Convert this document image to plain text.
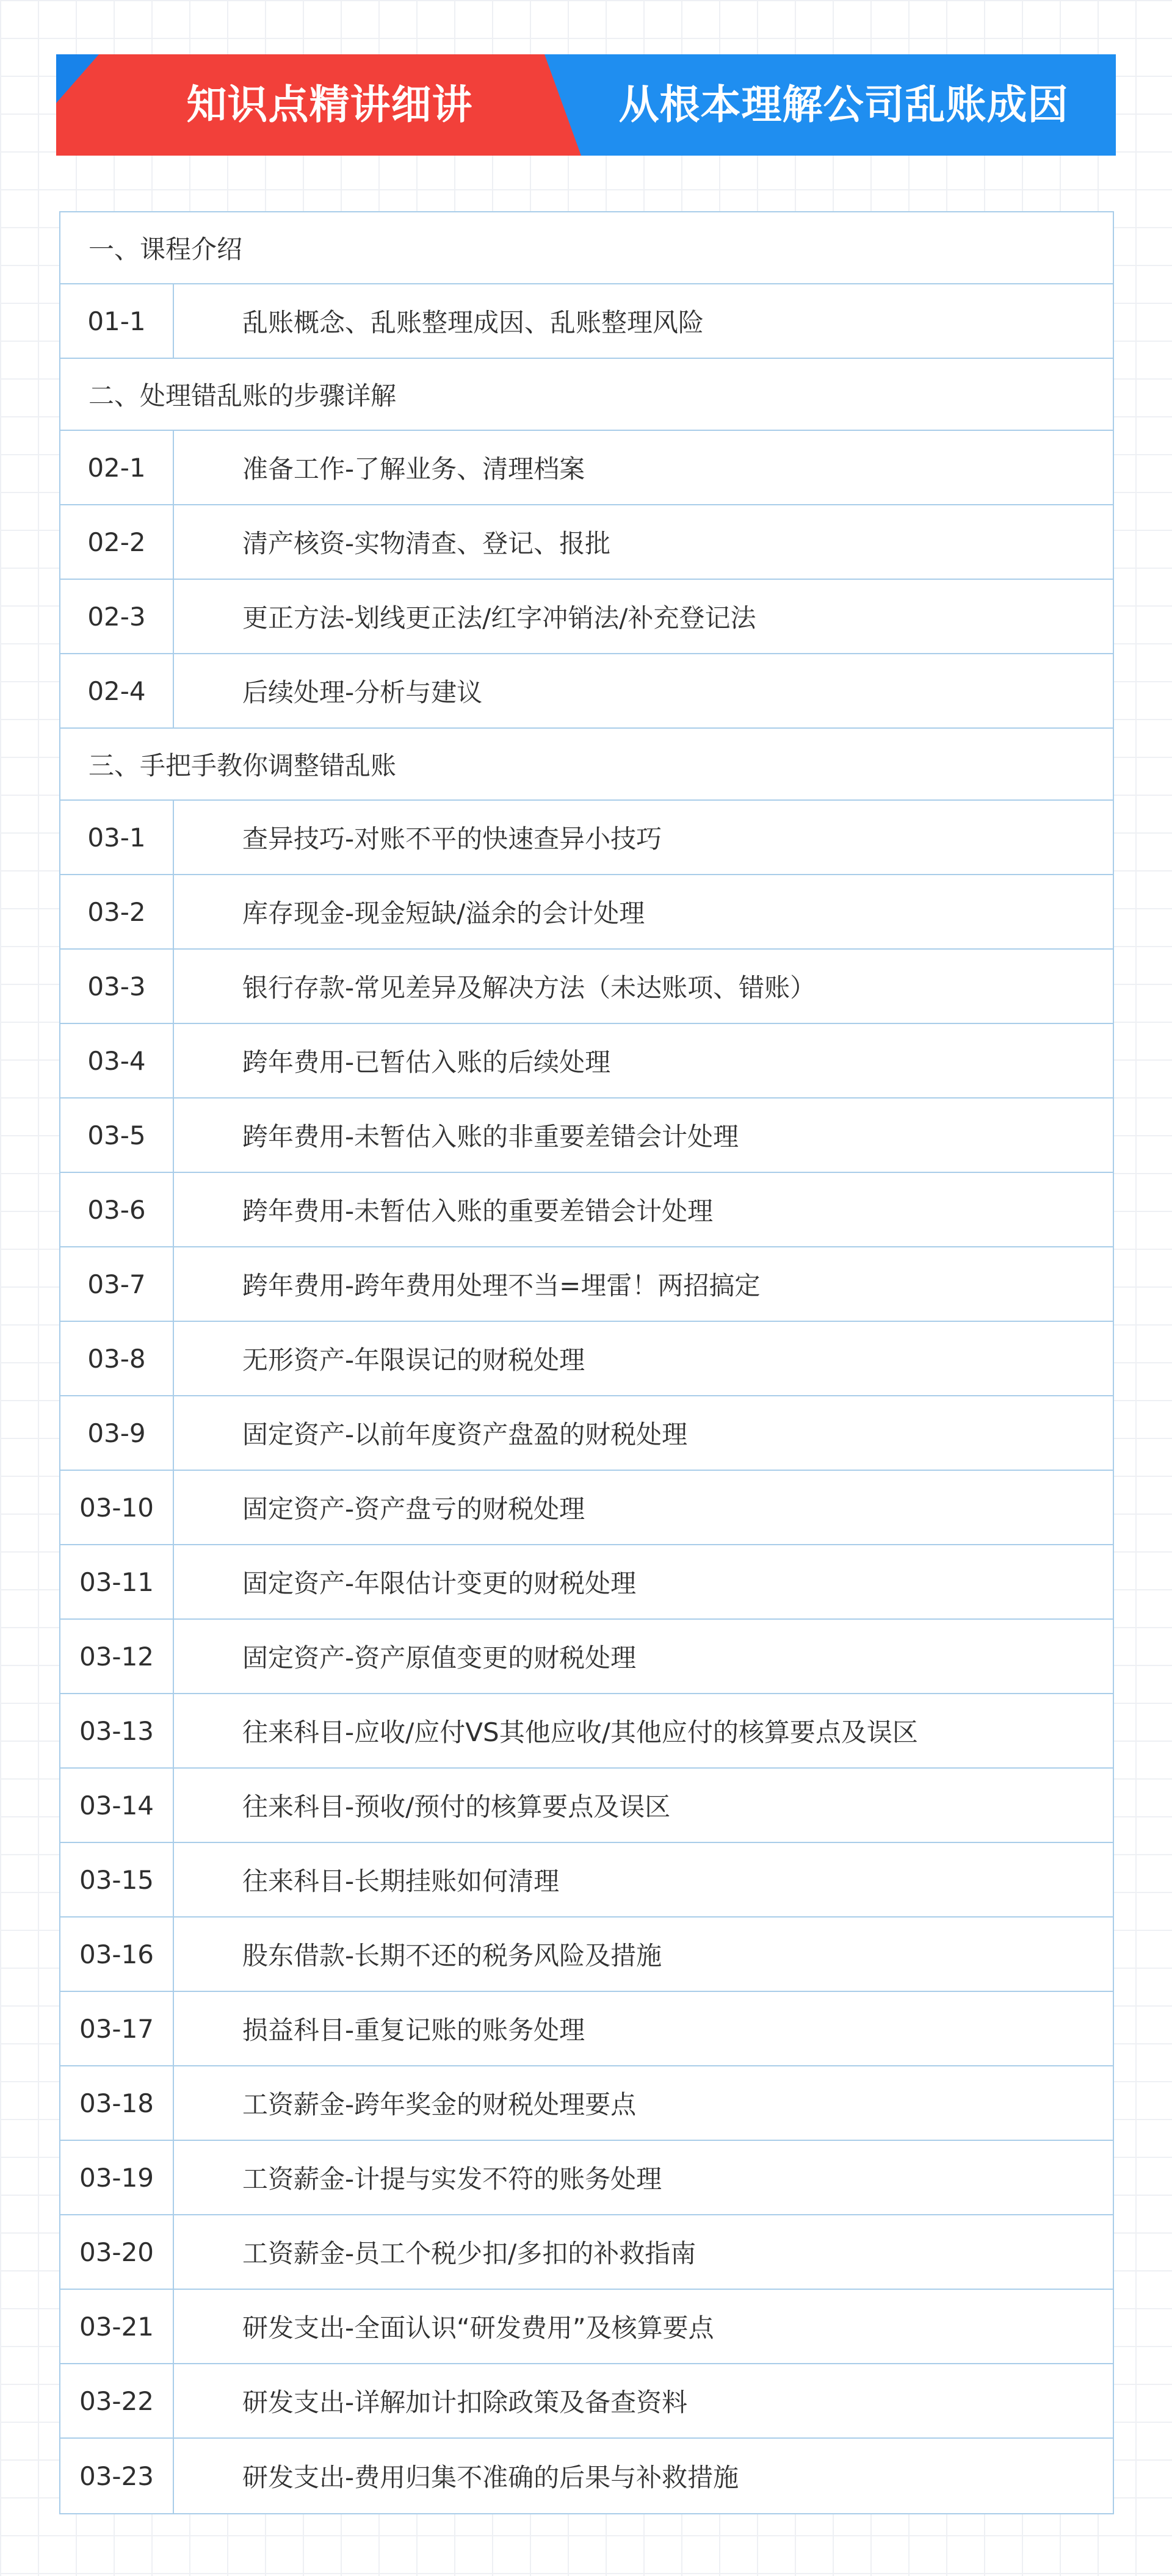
知识点精讲细讲	从根本理解公司乱账成因
一、课程介绍
01-1	乱账概念、乱账整理成因、乱账整理风险
二、处理错乱账的步骤详解
02-1	准备工作-了解业务、清理档案
02-2	清产核资-实物清查、登记、报批
02-3	更正方法-划线更正法/红字冲销法/补充登记法
02-4	后续处理-分析与建议
三、手把手教你调整错乱账
03-1	查异技巧-对账不平的快速查异小技巧
03-2	库存现金-现金短缺/溢余的会计处理
03-3	银行存款-常见差异及解决方法（未达账项、错账）
03-4	跨年费用-已暂估入账的后续处理
03-5	跨年费用-未暂估入账的非重要差错会计处理
03-6	跨年费用-未暂估入账的重要差错会计处理
03-7	跨年费用-跨年费用处理不当=埋雷！两招搞定
03-8	无形资产-年限误记的财税处理
03-9	固定资产-以前年度资产盘盈的财税处理
03-10	固定资产-资产盘亏的财税处理
03-11	固定资产-年限估计变更的财税处理
03-12	固定资产-资产原值变更的财税处理
03-13	往来科目-应收/应付VS其他应收/其他应付的核算要点及误区
03-14	往来科目-预收/预付的核算要点及误区
03-15	往来科目-长期挂账如何清理
03-16	股东借款-长期不还的税务风险及措施
03-17	损益科目-重复记账的账务处理
03-18	工资薪金-跨年奖金的财税处理要点
03-19	工资薪金-计提与实发不符的账务处理
03-20	工资薪金-员工个税少扣/多扣的补救指南
03-21	研发支出-全面认识“研发费用”及核算要点
03-22	研发支出-详解加计扣除政策及备查资料
03-23	研发支出-费用归集不准确的后果与补救措施
